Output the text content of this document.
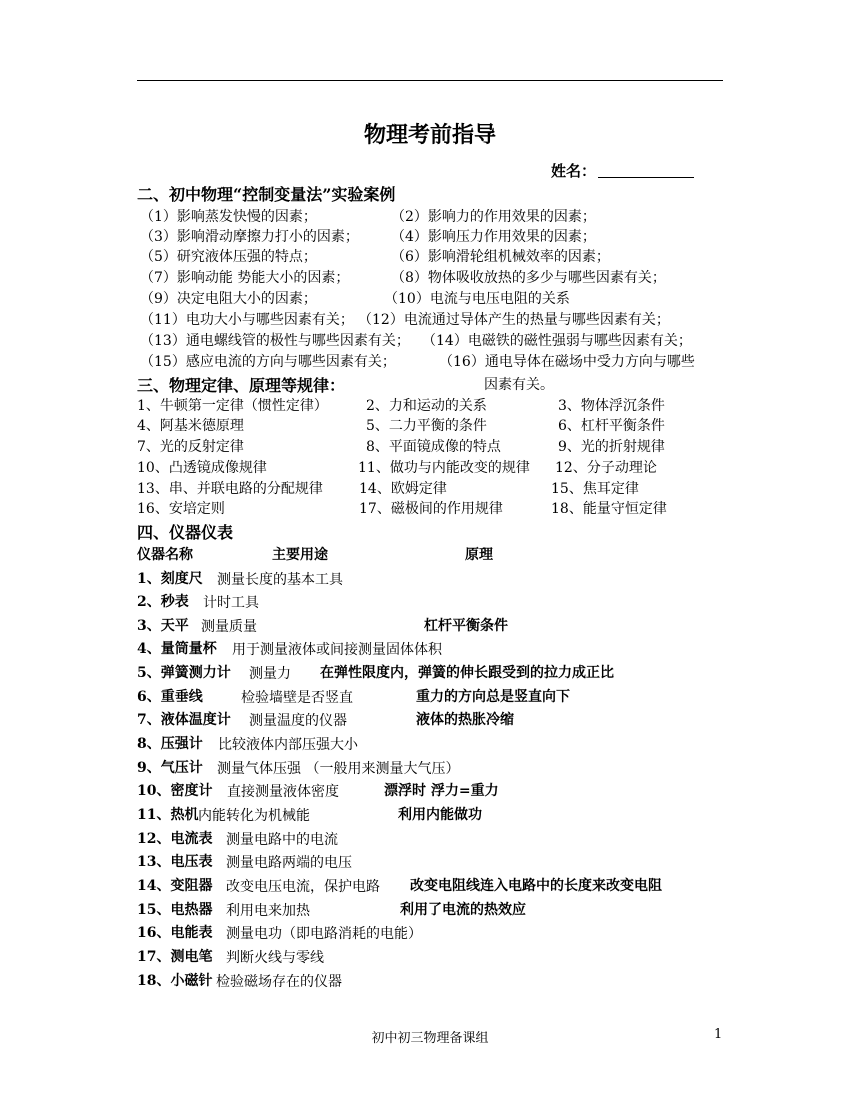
物理考前指导
姓名：
二、初中物理“控制变量法”实验案例
（1）影响蒸发快慢的因素；	（2）影响力的作用效果的因素；
（3）影响滑动摩擦力打小的因素； （4）影响压力作用效果的因素；
（5）研究液体压强的特点；	（6）影响滑轮组机械效率的因素；
（7）影响动能 势能大小的因素；	（8）物体吸收放热的多少与哪些因素有关；
（9）决定电阻大小的因素；	（10）电流与电压电阻的关系
（11）电功大小与哪些因素有关； （12）电流通过导体产生的热量与哪些因素有关；
（13）通电螺线管的极性与哪些因素有关； （14）电磁铁的磁性强弱与哪些因素有关；
（15）感应电流的方向与哪些因素有关；	（16）通电导体在磁场中受力方向与哪些
因素有关。
三、物理定律、原理等规律：
1、牛顿第一定律（惯性定律）	2、力和运动的关系	3、物体浮沉条件
4、阿基米德原理	5、二力平衡的条件	6、杠杆平衡条件
7、光的反射定律	8、平面镜成像的特点	9、光的折射规律
10、凸透镜成像规律	11、做功与内能改变的规律 12、分子动理论
13、串、并联电路的分配规律	14、欧姆定律	15、焦耳定律
16、安培定则	17、磁极间的作用规律	18、能量守恒定律
四、仪器仪表
仪器名称	主要用途	原理
1、刻度尺 测量长度的基本工具
2、秒表 计时工具
3、天平 测量质量	杠杆平衡条件
4、量筒量杯 用于测量液体或间接测量固体体积
5、弹簧测力计 测量力 在弹性限度内，弹簧的伸长跟受到的拉力成正比
6、重垂线	检验墙壁是否竖直	重力的方向总是竖直向下
7、液体温度计 测量温度的仪器	液体的热胀冷缩
8、压强计 比较液体内部压强大小
9、气压计 测量气体压强 （一般用来测量大气压）
10、密度计 直接测量液体密度	漂浮时 浮力=重力
11、热机 内能转化为机械能	利用内能做功
12、电流表 测量电路中的电流
13、电压表 测量电路两端的电压
14、变阻器 改变电压电流，保护电路 改变电阻线连入电路中的长度来改变电阻
15、电热器 利用电来加热	利用了电流的热效应
16、电能表 测量电功（即电路消耗的电能）
17、测电笔 判断火线与零线
18、小磁针 检验磁场存在的仪器
初中初三物理备课组	1
